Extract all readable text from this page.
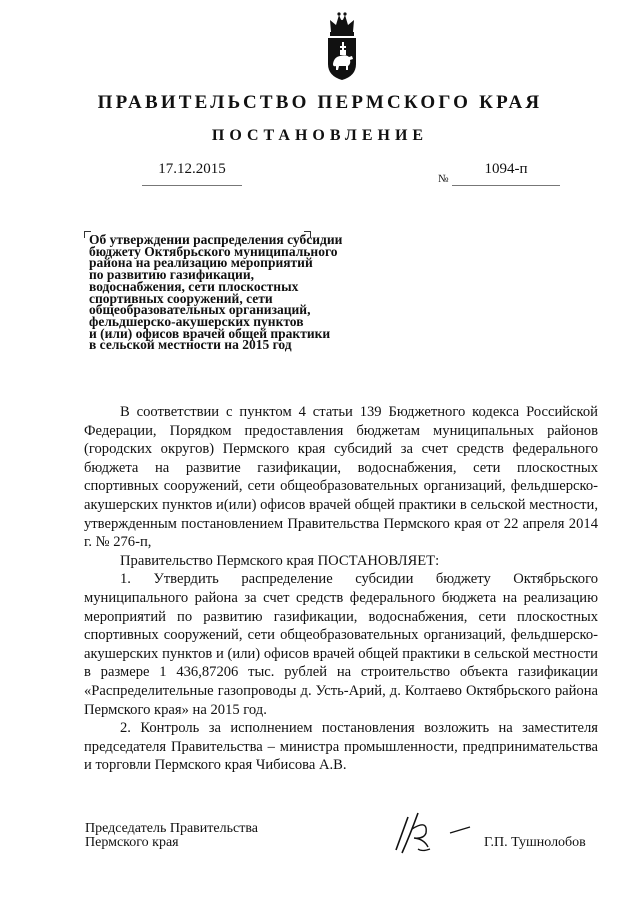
ПРАВИТЕЛЬСТВО ПЕРМСКОГО КРАЯ
ПОСТАНОВЛЕНИЕ
17.12.2015
№
1094-п
Об утверждении распределения субсидии
бюджету Октябрьского муниципального
района на реализацию мероприятий
по развитию газификации,
водоснабжения, сети плоскостных
спортивных сооружений, сети
общеобразовательных организаций,
фельдшерско-акушерских пунктов
и (или) офисов врачей общей практики
в сельской местности на 2015 год

В соответствии с пунктом 4 статьи 139 Бюджетного кодекса Российской Федерации, Порядком предоставления бюджетам муниципальных районов (городских округов) Пермского края субсидий за счет средств федерального бюджета на развитие газификации, водоснабжения, сети плоскостных спортивных сооружений, сети общеобразовательных организаций, фельдшерско-акушерских пунктов и(или) офисов врачей общей практики в сельской местности, утвержденным постановлением Правительства Пермского края от 22 апреля 2014 г. № 276-п,

Правительство Пермского края ПОСТАНОВЛЯЕТ:

1. Утвердить распределение субсидии бюджету Октябрьского муниципального района за счет средств федерального бюджета на реализацию мероприятий по развитию газификации, водоснабжения, сети плоскостных спортивных сооружений, сети общеобразовательных организаций, фельдшерско-акушерских пунктов и (или) офисов врачей общей практики в сельской местности в размере 1 436,87206 тыс. рублей на строительство объекта газификации «Распределительные газопроводы д. Усть-Арий, д. Колтаево Октябрьского района Пермского края» на 2015 год.

2. Контроль за исполнением постановления возложить на заместителя председателя Правительства – министра промышленности, предпринимательства и торговли Пермского края Чибисова А.В.

Председатель Правительства
Пермского края	Г.П. Тушнолобов
